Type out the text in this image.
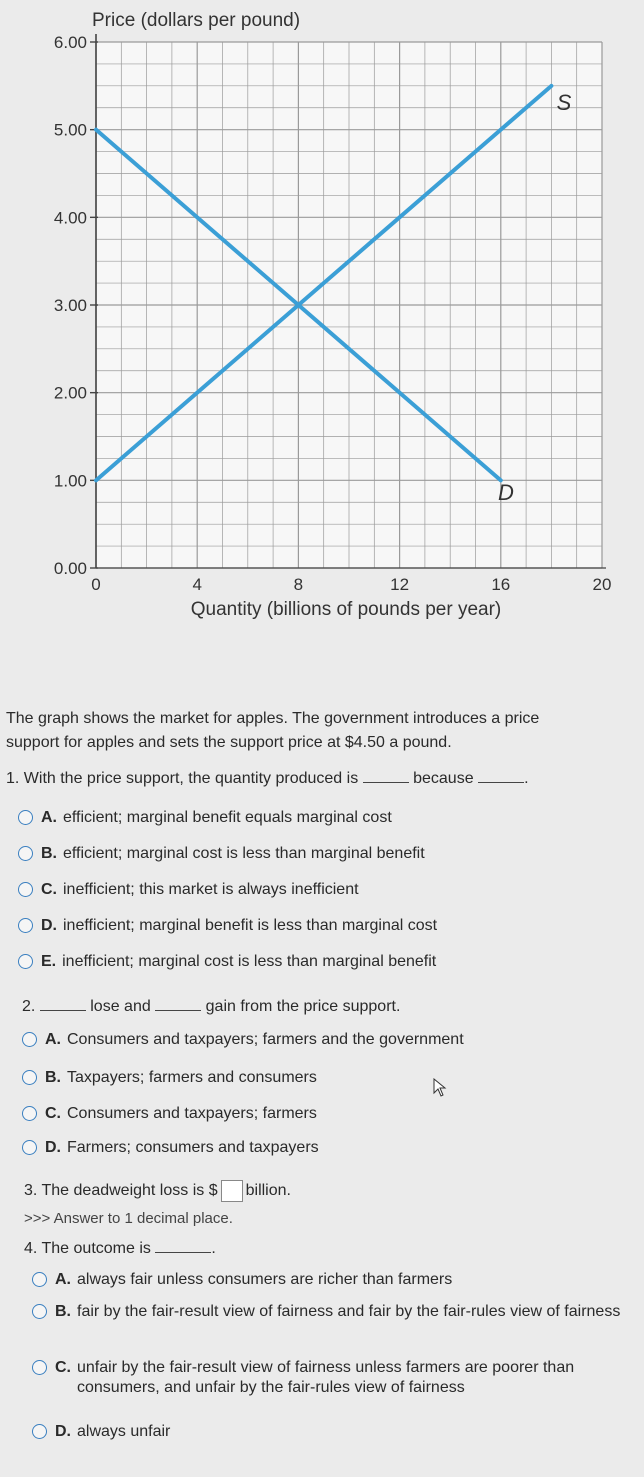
0.00
1.00
2.00
3.00
4.00
5.00
6.00
0	4	8	12	16	20
Price (dollars per pound)
Quantity (billions of pounds per year)
S
D
The graph shows the market for apples. The government introduces a price
support for apples and sets the support price at $4.50 a pound.
1. With the price support, the quantity produced is	because	.
A. efficient; marginal benefit equals marginal cost
B. efficient; marginal cost is less than marginal benefit
C. inefficient; this market is always inefficient
D. inefficient; marginal benefit is less than marginal cost
E. inefficient; marginal cost is less than marginal benefit
2.	lose and	gain from the price support.
A. Consumers and taxpayers; farmers and the government
B. Taxpayers; farmers and consumers
C. Consumers and taxpayers; farmers
D. Farmers; consumers and taxpayers
3. The deadweight loss is $ billion.
>>> Answer to 1 decimal place.
4. The outcome is	.
A. always fair unless consumers are richer than farmers
B. fair by the fair-result view of fairness and fair by the fair-rules view of fairness
C. unfair by the fair-result view of fairness unless farmers are poorer than consumers, and unfair by the fair-rules view of fairness
D. always unfair
